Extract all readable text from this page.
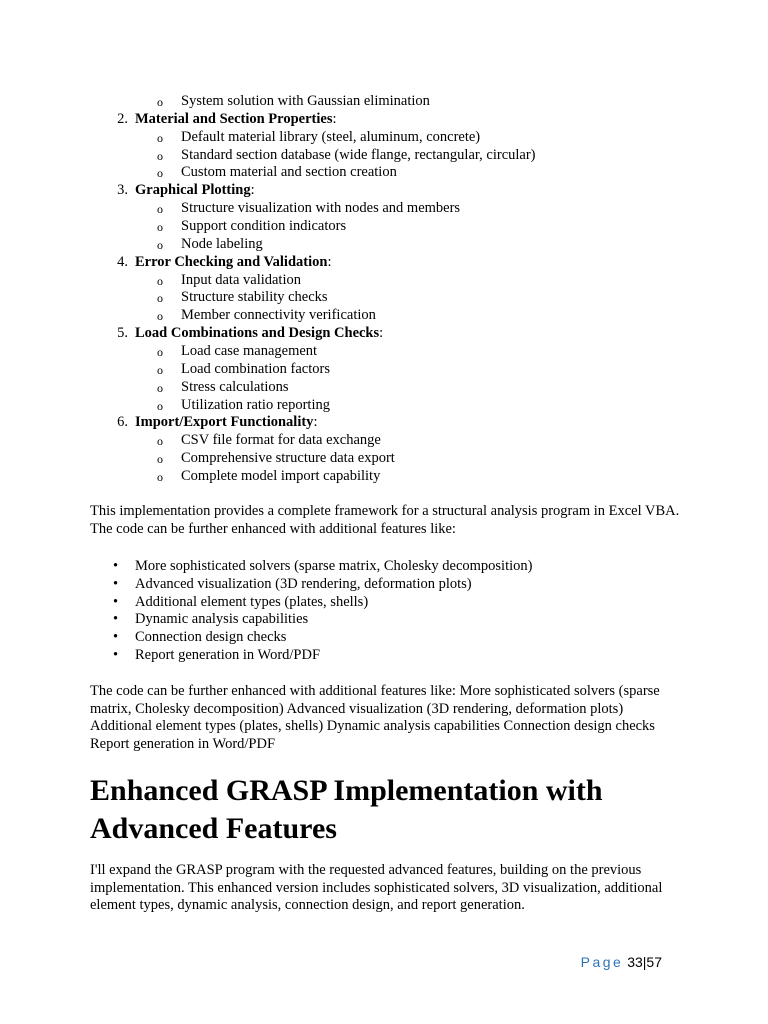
o System solution with Gaussian elimination
2. Material and Section Properties:
o Default material library (steel, aluminum, concrete)
o Standard section database (wide flange, rectangular, circular)
o Custom material and section creation
3. Graphical Plotting:
o Structure visualization with nodes and members
o Support condition indicators
o Node labeling
4. Error Checking and Validation:
o Input data validation
o Structure stability checks
o Member connectivity verification
5. Load Combinations and Design Checks:
o Load case management
o Load combination factors
o Stress calculations
o Utilization ratio reporting
6. Import/Export Functionality:
o CSV file format for data exchange
o Comprehensive structure data export
o Complete model import capability
This implementation provides a complete framework for a structural analysis program in Excel VBA. The code can be further enhanced with additional features like:
• More sophisticated solvers (sparse matrix, Cholesky decomposition)
• Advanced visualization (3D rendering, deformation plots)
• Additional element types (plates, shells)
• Dynamic analysis capabilities
• Connection design checks
• Report generation in Word/PDF
The code can be further enhanced with additional features like: More sophisticated solvers (sparse matrix, Cholesky decomposition) Advanced visualization (3D rendering, deformation plots) Additional element types (plates, shells) Dynamic analysis capabilities Connection design checks Report generation in Word/PDF
Enhanced GRASP Implementation with Advanced Features
I'll expand the GRASP program with the requested advanced features, building on the previous implementation. This enhanced version includes sophisticated solvers, 3D visualization, additional element types, dynamic analysis, connection design, and report generation.
Page 33|57
